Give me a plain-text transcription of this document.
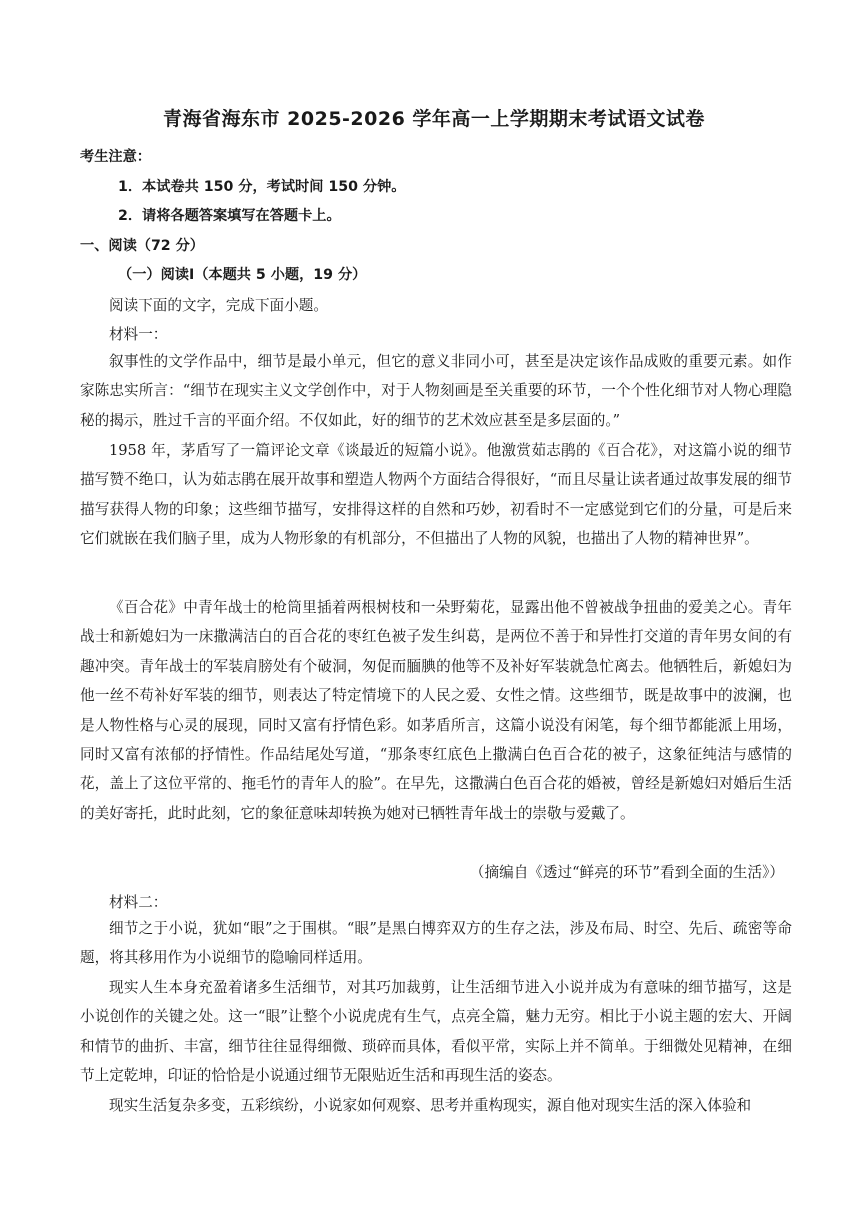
青海省海东市 2025-2026 学年高一上学期期末考试语文试卷
考生注意：
1．本试卷共 150 分，考试时间 150 分钟。
2．请将各题答案填写在答题卡上。
一、阅读（72 分）
（一）阅读Ⅰ（本题共 5 小题，19 分）
阅读下面的文字，完成下面小题。
材料一：
叙事性的文学作品中，细节是最小单元，但它的意义非同小可，甚至是决定该作品成败的重要元素。如作家陈忠实所言：“细节在现实主义文学创作中，对于人物刻画是至关重要的环节，一个个性化细节对人物心理隐秘的揭示，胜过千言的平面介绍。不仅如此，好的细节的艺术效应甚至是多层面的。”
1958 年，茅盾写了一篇评论文章《谈最近的短篇小说》。他激赏茹志鹃的《百合花》，对这篇小说的细节描写赞不绝口，认为茹志鹃在展开故事和塑造人物两个方面结合得很好，“而且尽量让读者通过故事发展的细节描写获得人物的印象；这些细节描写，安排得这样的自然和巧妙，初看时不一定感觉到它们的分量，可是后来它们就嵌在我们脑子里，成为人物形象的有机部分，不但描出了人物的风貌，也描出了人物的精神世界”。
《百合花》中青年战士的枪筒里插着两根树枝和一朵野菊花，显露出他不曾被战争扭曲的爱美之心。青年战士和新媳妇为一床撒满洁白的百合花的枣红色被子发生纠葛，是两位不善于和异性打交道的青年男女间的有趣冲突。青年战士的军装肩膀处有个破洞，匆促而腼腆的他等不及补好军装就急忙离去。他牺牲后，新媳妇为他一丝不苟补好军装的细节，则表达了特定情境下的人民之爱、女性之情。这些细节，既是故事中的波澜，也是人物性格与心灵的展现，同时又富有抒情色彩。如茅盾所言，这篇小说没有闲笔，每个细节都能派上用场，同时又富有浓郁的抒情性。作品结尾处写道，“那条枣红底色上撒满白色百合花的被子，这象征纯洁与感情的花，盖上了这位平常的、拖毛竹的青年人的脸”。在早先，这撒满白色百合花的婚被，曾经是新媳妇对婚后生活的美好寄托，此时此刻，它的象征意味却转换为她对已牺牲青年战士的崇敬与爱戴了。
（摘编自《透过“鲜亮的环节”看到全面的生活》）
材料二：
细节之于小说，犹如“眼”之于围棋。“眼”是黑白博弈双方的生存之法，涉及布局、时空、先后、疏密等命题，将其移用作为小说细节的隐喻同样适用。
现实人生本身充盈着诸多生活细节，对其巧加裁剪，让生活细节进入小说并成为有意味的细节描写，这是小说创作的关键之处。这一“眼”让整个小说虎虎有生气，点亮全篇，魅力无穷。相比于小说主题的宏大、开阔和情节的曲折、丰富，细节往往显得细微、琐碎而具体，看似平常，实际上并不简单。于细微处见精神，在细节上定乾坤，印证的恰恰是小说通过细节无限贴近生活和再现生活的姿态。
现实生活复杂多变，五彩缤纷，小说家如何观察、思考并重构现实，源自他对现实生活的深入体验和
